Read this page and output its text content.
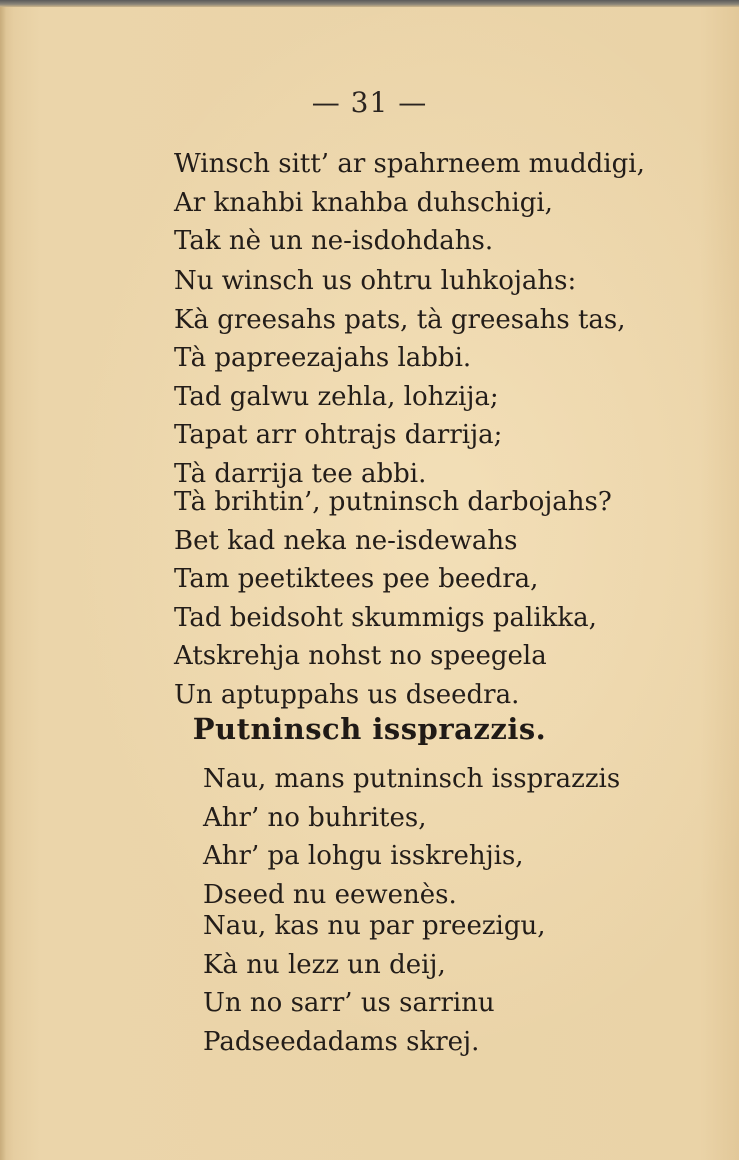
— 31 —
Winsch sitt’ ar spahrneem muddigi,
Ar knahbi knahba duhschigi,
Tak nè un ne-isdohdahs.
Nu winsch us ohtru luhkojahs:
Kà greesahs pats, tà greesahs tas,
Tà papreezajahs labbi.
Tad galwu zehla, lohzija;
Tapat arr ohtrajs darrija;
Tà darrija tee abbi.
Tà brihtin’, putninsch darbojahs?
Bet kad neka ne-isdewahs
Tam peetiktees pee beedra,
Tad beidsoht skummigs palikka,
Atskrehja nohst no speegela
Un aptuppahs us dseedra.
Putninsch issprazzis.
Nau, mans putninsch issprazzis
Ahr’ no buhrites,
Ahr’ pa lohgu isskrehjis,
Dseed nu eewenès.
Nau, kas nu par preezigu,
Kà nu lezz un deij,
Un no sarr’ us sarrinu
Padseedadams skrej.
